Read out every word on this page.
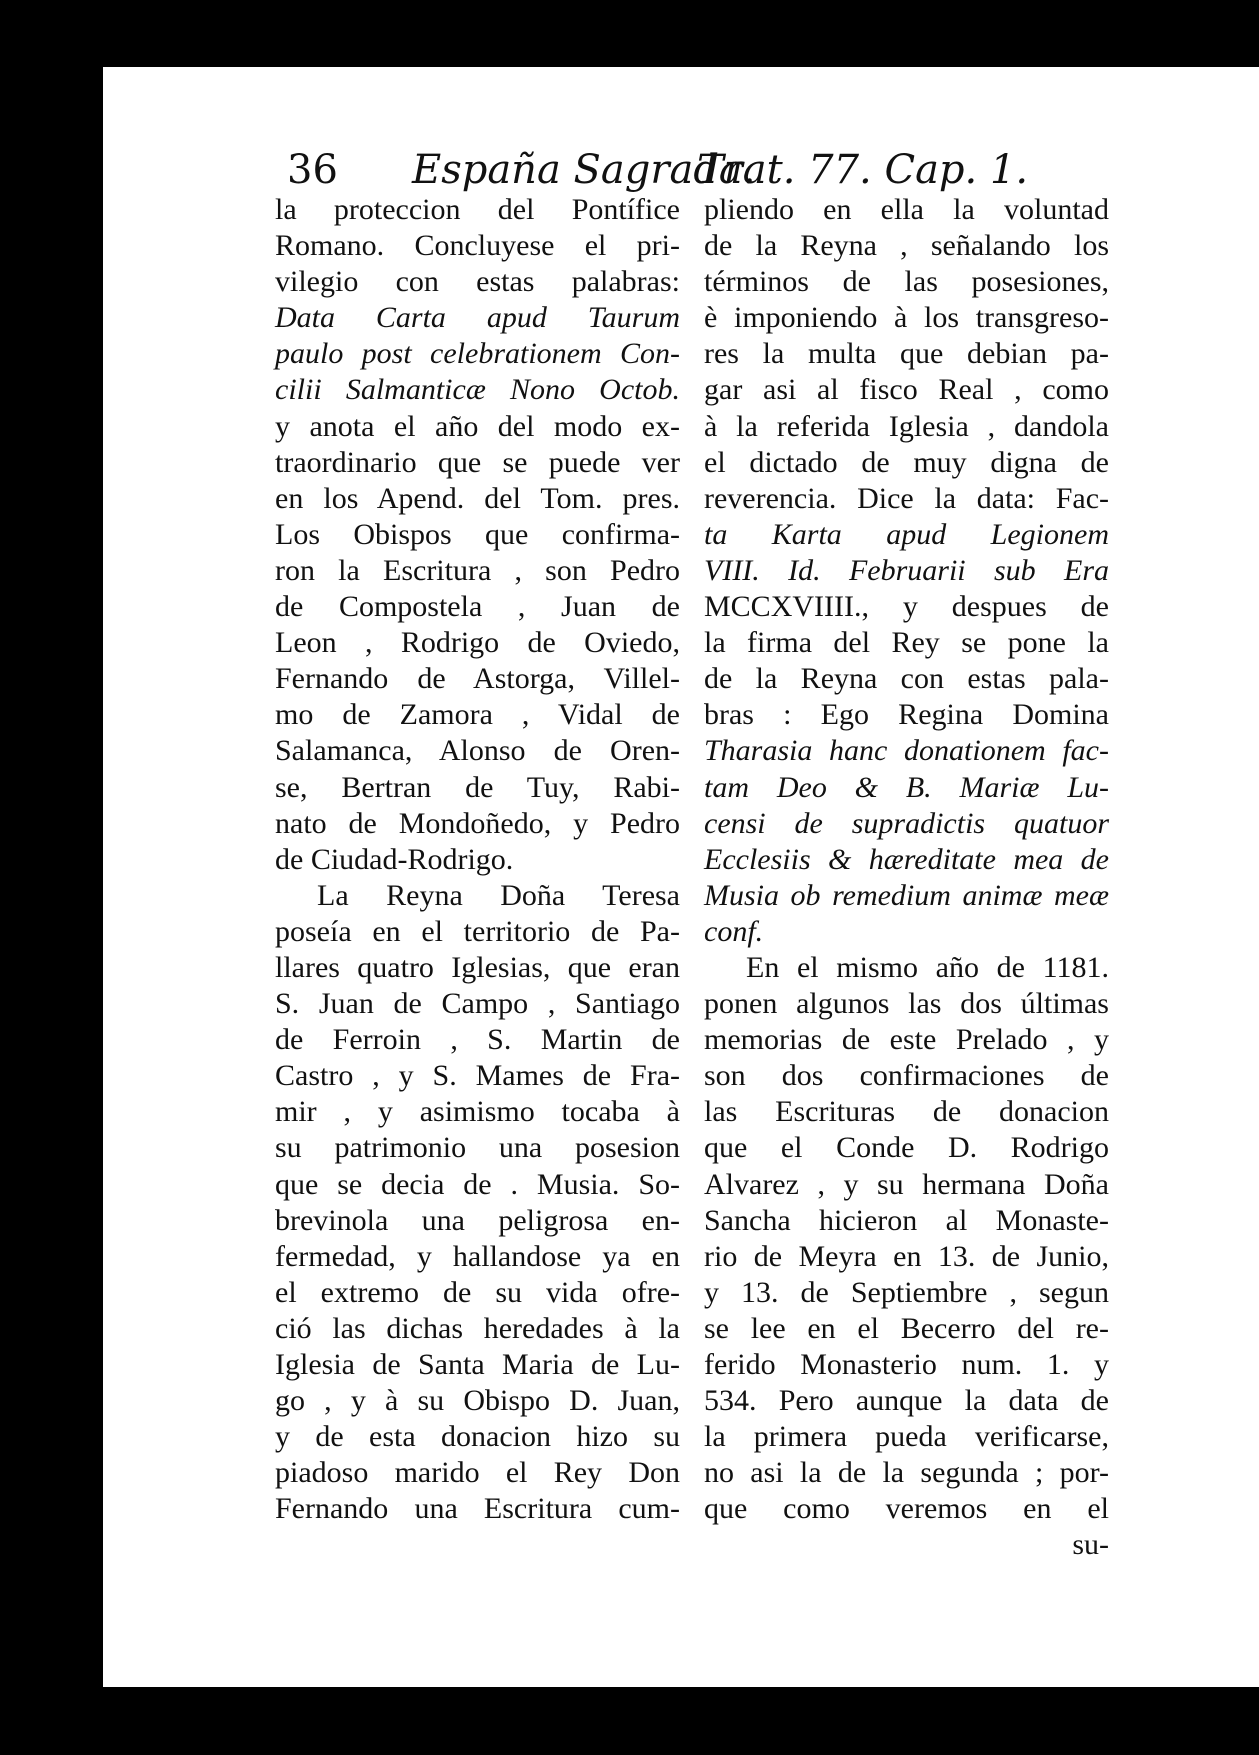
36 España Sagrada.
Trat. 77. Cap. 1.
la proteccion del Pontífice
Romano. Concluyese el pri-
vilegio con estas palabras:
Data Carta apud Taurum
paulo post celebrationem Con-
cilii Salmanticæ Nono Octob.
y anota el año del modo ex-
traordinario que se puede ver
en los Apend. del Tom. pres.
Los Obispos que confirma-
ron la Escritura , son Pedro
de Compostela , Juan de
Leon , Rodrigo de Oviedo,
Fernando de Astorga, Villel-
mo de Zamora , Vidal de
Salamanca, Alonso de Oren-
se, Bertran de Tuy, Rabi-
nato de Mondoñedo, y Pedro
de Ciudad-Rodrigo.
La Reyna Doña Teresa
poseía en el territorio de Pa-
llares quatro Iglesias, que eran
S. Juan de Campo , Santiago
de Ferroin , S. Martin de
Castro , y S. Mames de Fra-
mir , y asimismo tocaba à
su patrimonio una posesion
que se decia de . Musia. So-
brevinola una peligrosa en-
fermedad, y hallandose ya en
el extremo de su vida ofre-
ció las dichas heredades à la
Iglesia de Santa Maria de Lu-
go , y à su Obispo D. Juan,
y de esta donacion hizo su
piadoso marido el Rey Don
Fernando una Escritura cum-
pliendo en ella la voluntad
de la Reyna , señalando los
términos de las posesiones,
è imponiendo à los transgreso-
res la multa que debian pa-
gar asi al fisco Real , como
à la referida Iglesia , dandola
el dictado de muy digna de
reverencia. Dice la data: Fac-
ta Karta apud Legionem
VIII. Id. Februarii sub Era
MCCXVIIII., y despues de
la firma del Rey se pone la
de la Reyna con estas pala-
bras : Ego Regina Domina
Tharasia hanc donationem fac-
tam Deo & B. Mariæ Lu-
censi de supradictis quatuor
Ecclesiis & hæreditate mea de
Musia ob remedium animæ meæ
conf.
En el mismo año de 1181.
ponen algunos las dos últimas
memorias de este Prelado , y
son dos confirmaciones de
las Escrituras de donacion
que el Conde D. Rodrigo
Alvarez , y su hermana Doña
Sancha hicieron al Monaste-
rio de Meyra en 13. de Junio,
y 13. de Septiembre , segun
se lee en el Becerro del re-
ferido Monasterio num. 1. y
534. Pero aunque la data de
la primera pueda verificarse,
no asi la de la segunda ; por-
que como veremos en el
su-
